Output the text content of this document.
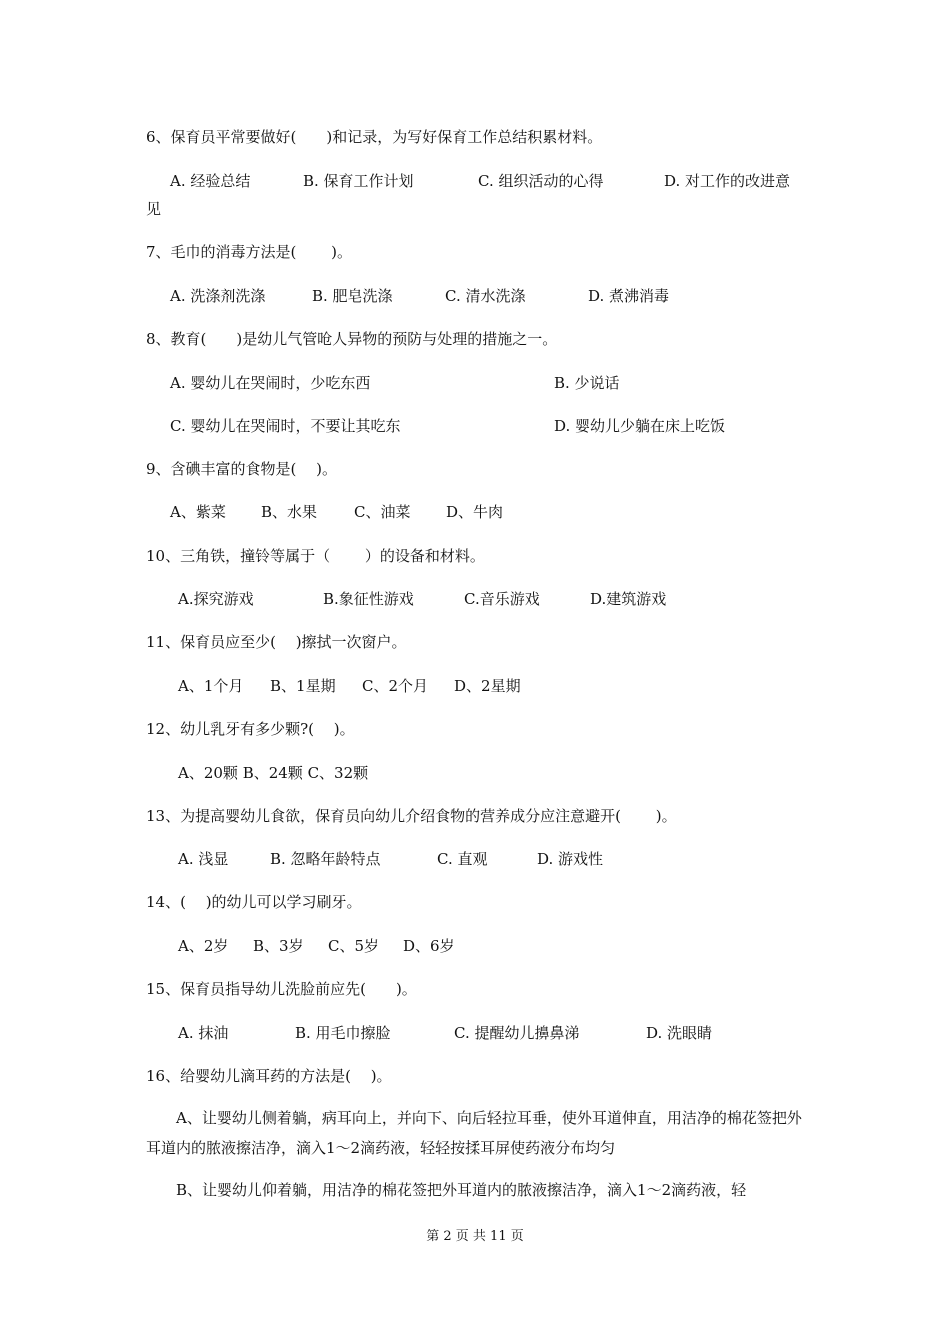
6、保育员平常要做好(　　)和记录，为写好保育工作总结积累材料。
A. 经验总结	B. 保育工作计划	C. 组织活动的心得	D. 对工作的改进意
见
7、毛巾的消毒方法是(　　 )。
A. 洗涤剂洗涤	B. 肥皂洗涤	C. 清水洗涤	D. 煮沸消毒
8、教育(　　)是幼儿气管呛人异物的预防与处理的措施之一。
A. 婴幼儿在哭闹时，少吃东西	B. 少说话
C. 婴幼儿在哭闹时，不要让其吃东	D. 婴幼儿少躺在床上吃饭
9、含碘丰富的食物是(　 )。
A、紫菜 B、水果 C、油菜 D、牛肉
10、三角铁，撞铃等属于（　　 ）的设备和材料。
A.探究游戏	B.象征性游戏	C.音乐游戏	D.建筑游戏
11、保育员应至少(　 )擦拭一次窗户。
A、1个月 B、1星期 C、2个月 D、2星期
12、幼儿乳牙有多少颗?(　 )。
A、20颗 B、24颗 C、32颗
13、为提高婴幼儿食欲，保育员向幼儿介绍食物的营养成分应注意避开(　　 )。
A. 浅显	B. 忽略年龄特点	C. 直观	D. 游戏性
14、(　 )的幼儿可以学习刷牙。
A、2岁 B、3岁 C、5岁 D、6岁
15、保育员指导幼儿洗脸前应先(　　)。
A. 抹油	B. 用毛巾擦脸	C. 提醒幼儿擤鼻涕	D. 洗眼睛
16、给婴幼儿滴耳药的方法是(　 )。
A、让婴幼儿侧着躺，病耳向上，并向下、向后轻拉耳垂，使外耳道伸直，用洁净的棉花签把外耳道内的脓液擦洁净，滴入1～2滴药液，轻轻按揉耳屏使药液分布均匀
B、让婴幼儿仰着躺，用洁净的棉花签把外耳道内的脓液擦洁净，滴入1～2滴药液，轻
第 2 页 共 11 页
